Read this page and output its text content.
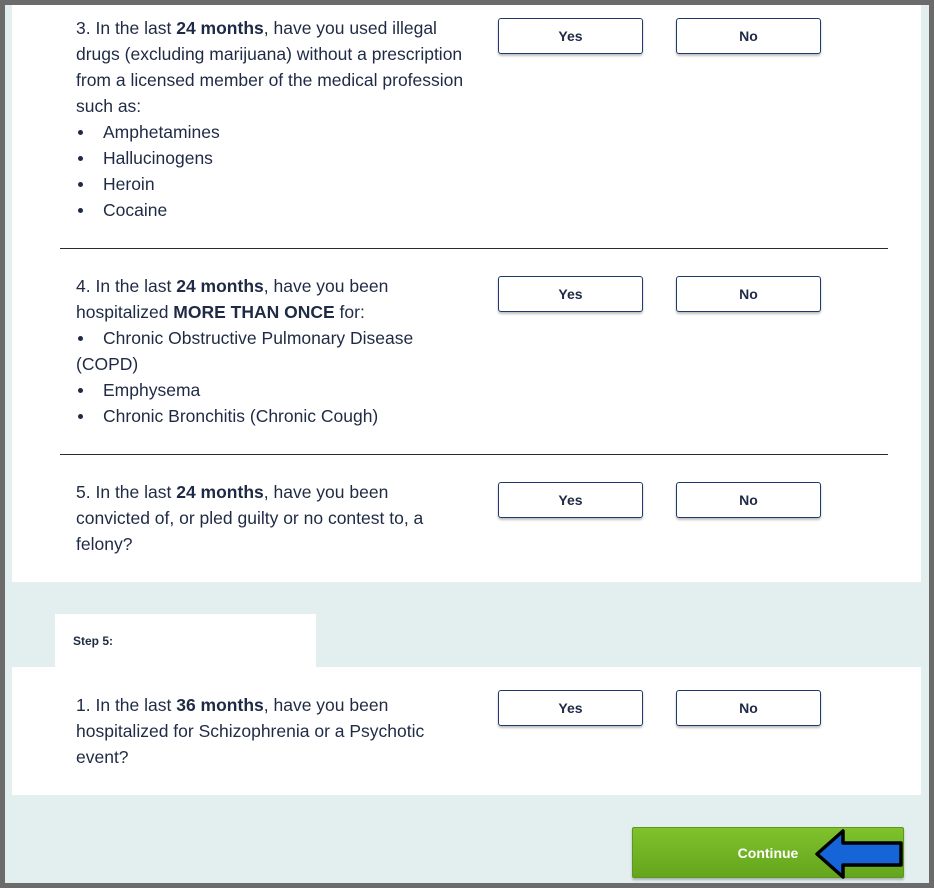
3. In the last 24 months, have you used illegal drugs (excluding marijuana) without a prescription from a licensed member of the medical profession such as:
Amphetamines
Hallucinogens
Heroin
Cocaine
Yes	No
4. In the last 24 months, have you been hospitalized MORE THAN ONCE for:
Chronic Obstructive Pulmonary Disease
(COPD)
Emphysema
Chronic Bronchitis (Chronic Cough)
Yes	No
5. In the last 24 months, have you been convicted of, or pled guilty or no contest to, a felony?
Yes	No
Step 5:
1. In the last 36 months, have you been hospitalized for Schizophrenia or a Psychotic event?
Yes	No
Continue
